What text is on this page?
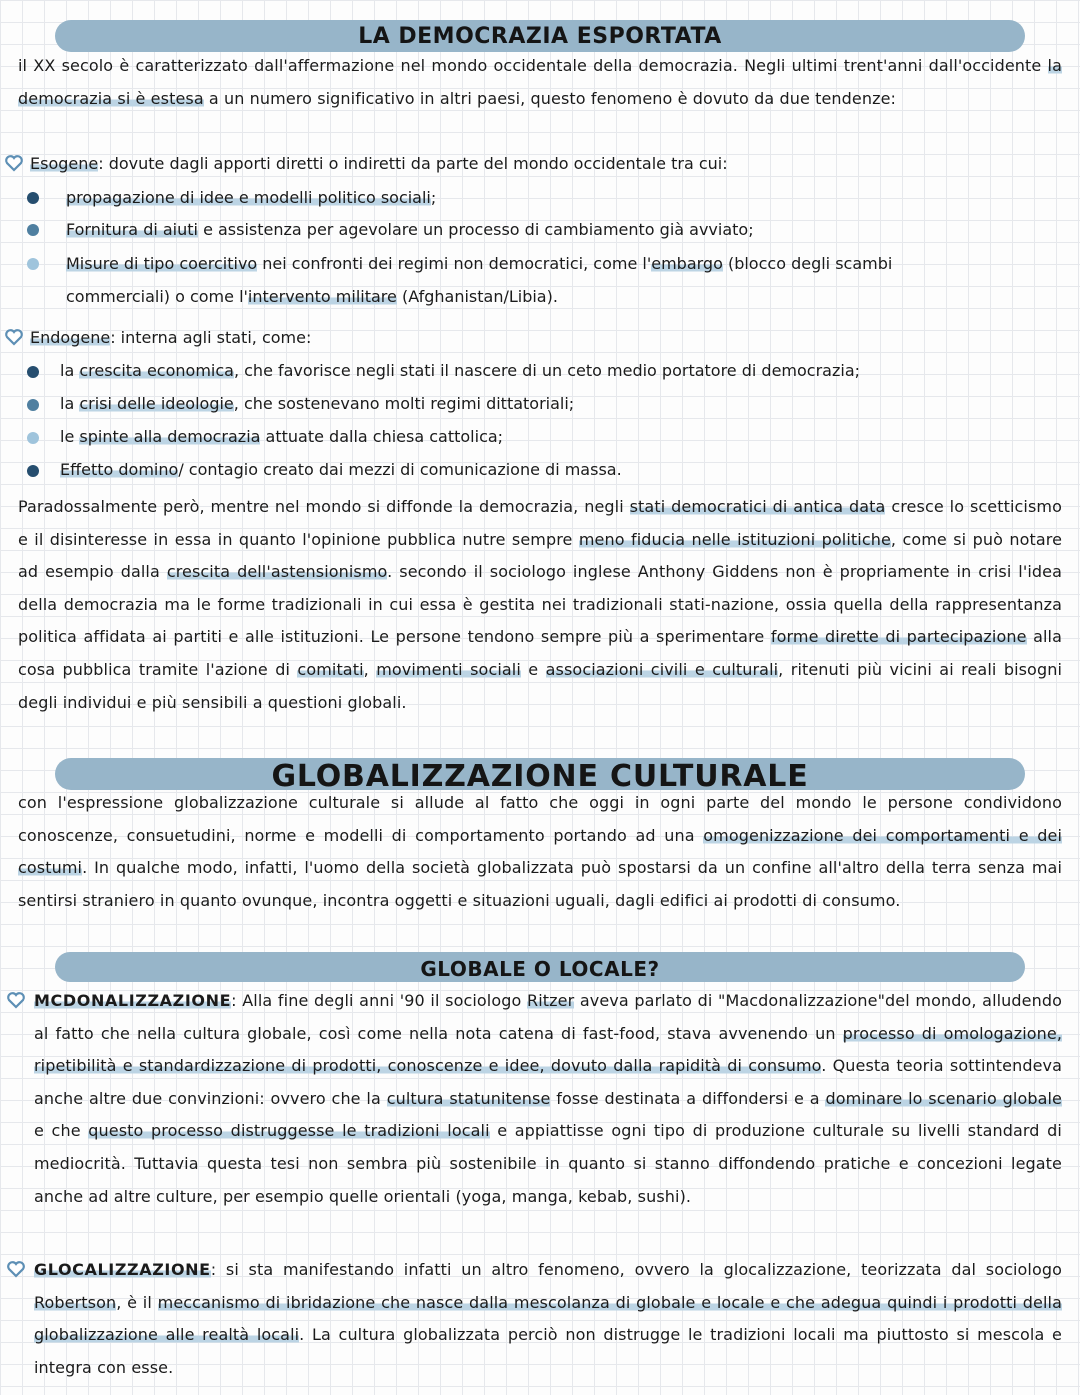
LA DEMOCRAZIA ESPORTATA

il XX secolo è caratterizzato dall'affermazione nel mondo occidentale della democrazia. Negli ultimi trent'anni dall'occidente la democrazia si è estesa a un numero significativo in altri paesi, questo fenomeno è dovuto da due tendenze:

Esogene: dovute dagli apporti diretti o indiretti da parte del mondo occidentale tra cui:
propagazione di idee e modelli politico sociali;
Fornitura di aiuti e assistenza per agevolare un processo di cambiamento già avviato;
Misure di tipo coercitivo nei confronti dei regimi non democratici, come l'embargo (blocco degli scambi
commerciali) o come l'intervento militare (Afghanistan/Libia).
Endogene: interna agli stati, come:
la crescita economica, che favorisce negli stati il nascere di un ceto medio portatore di democrazia;
la crisi delle ideologie, che sostenevano molti regimi dittatoriali;
le spinte alla democrazia attuate dalla chiesa cattolica;
Effetto domino/ contagio creato dai mezzi di comunicazione di massa.

Paradossalmente però, mentre nel mondo si diffonde la democrazia, negli stati democratici di antica data cresce lo scetticismo e il disinteresse in essa in quanto l'opinione pubblica nutre sempre meno fiducia nelle istituzioni politiche, come si può notare ad esempio dalla crescita dell'astensionismo. secondo il sociologo inglese Anthony Giddens non è propriamente in crisi l'idea della democrazia ma le forme tradizionali in cui essa è gestita nei tradizionali stati-nazione, ossia quella della rappresentanza politica affidata ai partiti e alle istituzioni. Le persone tendono sempre più a sperimentare forme dirette di partecipazione alla cosa pubblica tramite l'azione di comitati, movimenti sociali e associazioni civili e culturali, ritenuti più vicini ai reali bisogni degli individui e più sensibili a questioni globali.

GLOBALIZZAZIONE CULTURALE

con l'espressione globalizzazione culturale si allude al fatto che oggi in ogni parte del mondo le persone condividono conoscenze, consuetudini, norme e modelli di comportamento portando ad una omogenizzazione dei comportamenti e dei costumi. In qualche modo, infatti, l'uomo della società globalizzata può spostarsi da un confine all'altro della terra senza mai sentirsi straniero in quanto ovunque, incontra oggetti e situazioni uguali, dagli edifici ai prodotti di consumo.

GLOBALE O LOCALE?

MCDONALIZZAZIONE: Alla fine degli anni '90 il sociologo Ritzer aveva parlato di "Macdonalizzazione"del mondo, alludendo al fatto che nella cultura globale, così come nella nota catena di fast-food, stava avvenendo un processo di omologazione, ripetibilità e standardizzazione di prodotti, conoscenze e idee, dovuto dalla rapidità di consumo. Questa teoria sottintendeva anche altre due convinzioni: ovvero che la cultura statunitense fosse destinata a diffondersi e a dominare lo scenario globale e che questo processo distruggesse le tradizioni locali e appiattisse ogni tipo di produzione culturale su livelli standard di mediocrità. Tuttavia questa tesi non sembra più sostenibile in quanto si stanno diffondendo pratiche e concezioni legate anche ad altre culture, per esempio quelle orientali (yoga, manga, kebab, sushi).

GLOCALIZZAZIONE: si sta manifestando infatti un altro fenomeno, ovvero la glocalizzazione, teorizzata dal sociologo Robertson, è il meccanismo di ibridazione che nasce dalla mescolanza di globale e locale e che adegua quindi i prodotti della globalizzazione alle realtà locali. La cultura globalizzata perciò non distrugge le tradizioni locali ma piuttosto si mescola e integra con esse.
